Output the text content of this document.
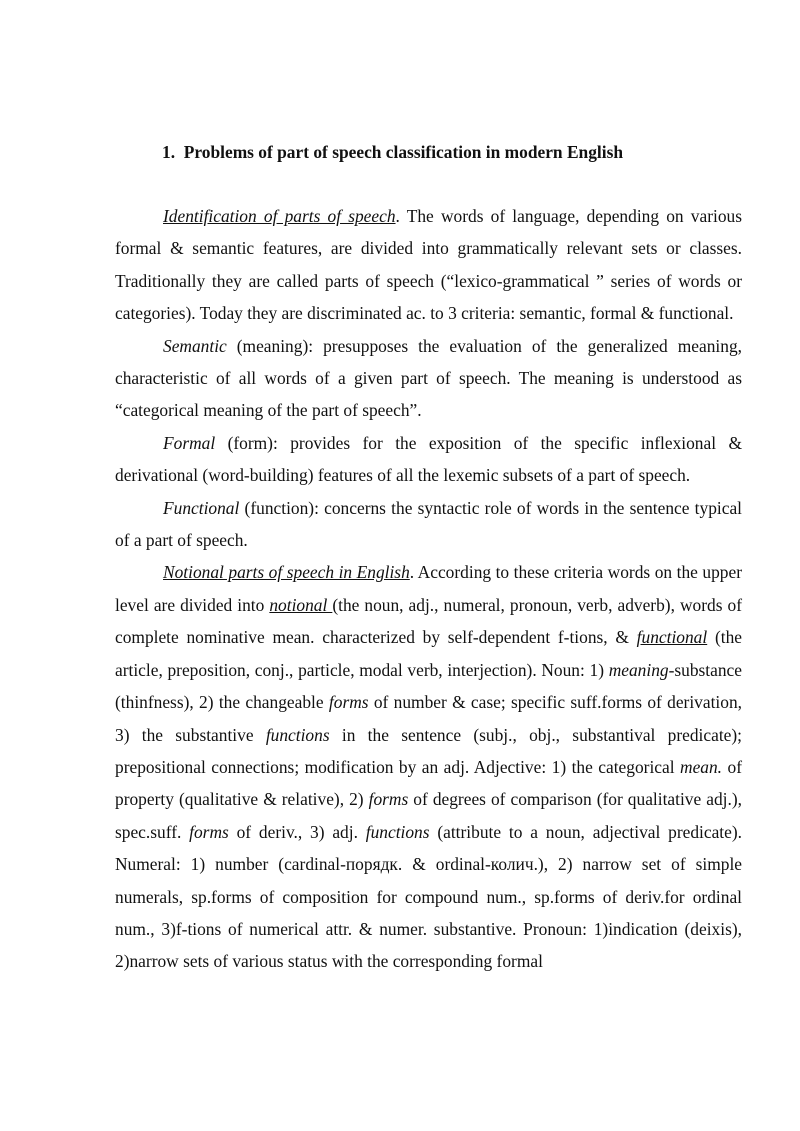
1. Problems of part of speech classification in modern English

Identification of parts of speech. The words of language, depending on various formal & semantic features, are divided into grammatically relevant sets or classes. Traditionally they are called parts of speech (“lexico-grammatical ” series of words or categories). Today they are discriminated ac. to 3 criteria: semantic, formal & functional.

Semantic (meaning): presupposes the evaluation of the generalized meaning, characteristic of all words of a given part of speech. The meaning is understood as “categorical meaning of the part of speech”.

Formal (form): provides for the exposition of the specific inflexional & derivational (word-building) features of all the lexemic subsets of a part of speech.

Functional (function): concerns the syntactic role of words in the sentence typical of a part of speech.

Notional parts of speech in English. According to these criteria words on the upper level are divided into notional (the noun, adj., numeral, pronoun, verb, adverb), words of complete nominative mean. characterized by self-dependent f-tions, & functional (the article, preposition, conj., particle, modal verb, interjection). Noun: 1) meaning-substance (thinfness), 2) the changeable forms of number & case; specific suff.forms of derivation, 3) the substantive functions in the sentence (subj., obj., substantival predicate); prepositional connections; modification by an adj. Adjective: 1) the categorical mean. of property (qualitative & relative), 2) forms of degrees of comparison (for qualitative adj.), spec.suff. forms of deriv., 3) adj. functions (attribute to a noun, adjectival predicate). Numeral: 1) number (cardinal-порядк. & ordinal-колич.), 2) narrow set of simple numerals, sp.forms of composition for compound num., sp.forms of deriv.for ordinal num., 3)f-tions of numerical attr. & numer. substantive. Pronoun: 1)indication (deixis), 2)narrow sets of various status with the corresponding formal
